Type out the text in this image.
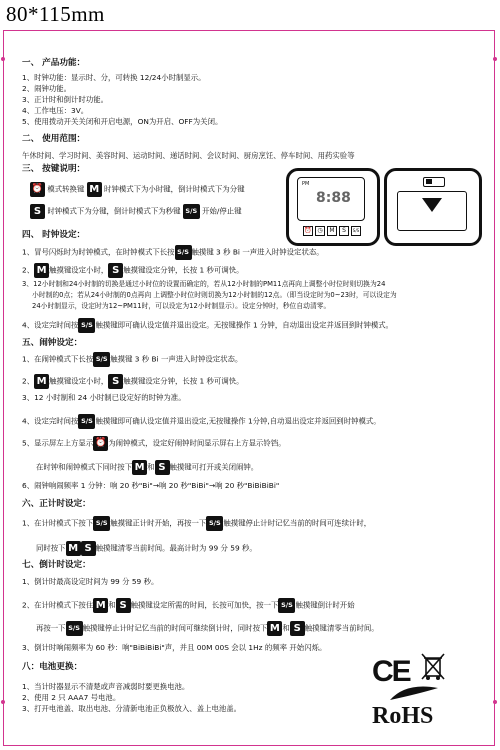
80*115mm
一、 产品功能：
1、时钟功能：显示时、分，可转换 12/24小时制显示。
2、闹钟功能。
3、正计时和倒计时功能。
4、工作电压：3V。
5、使用拨动开关关闭和开启电源，ON为开启、OFF为关闭。
二、 使用范围：
午休时间、学习时间、美容时间、运动时间、递话时间、会议时间、厨房烹饪、停车时间、用药实验等
三、 按键说明：
⏰ 模式转换键 M 时钟模式下为小时键，倒计时模式下为分键
S 时钟模式下为分键，倒计时模式下为秒键 S/S 开始/停止键
四、 时钟设定：
1、冒号闪烁时为时钟模式，在时钟模式下长按 S/S 触摸键 3 秒 Bi 一声进入时钟设定状态。
2、 M 触摸键设定小时， S 触摸键设定分钟，长按 1 秒可调快。
3、12小时制和24小时制的切换是通过小时位的设置而确定的，若从12小时制的PM11点再向上调整小时位时则切换为24
小时制的0点；若从24小时制的0点再向 上调整小时位时则切换为12小时制的12点。（即当设定时为0~23时，可以设定为
24小时制显示，设定时为12~PM11时，可以设定为12小时制显示）。设定分钟时，秒位自动清零。
4、设定完时间按 S/S 触摸键即可确认设定值并退出设定。无按键操作 1 分钟，自动退出设定并返回到时钟模式。
五、闹钟设定：
1、在闹钟模式下长按 S/S 触摸键 3 秒 Bi 一声进入时钟设定状态。
2、 M 触摸键设定小时， S 触摸键设定分钟，长按 1 秒可调快。
3、12 小时制和 24 小时制已设定好的时钟为准。
4、设定完时间按 S/S 触摸键即可确认设定值并退出设定,无按键操作 1分钟,自动退出设定并返回到时钟模式。
5、显示屏左上方显示 ⏰ 为闹钟模式，设定好闹钟时间显示屏右上方显示铃铛。
在时钟和闹钟模式下同时按下 M 和 S 触摸键可打开或关闭闹钟。
6、闹钟响闹频率 1 分钟：响 20 秒"Bi"→响 20 秒"BiBi"→响 20 秒"BiBiBiBi"
六、正计时设定：
1、在计时模式下按下 S/S 触摸键正计时开始，再按一下 S/S 触摸键停止计时记忆当前的时间可连续计时，
同时按下 M S 触摸键清零当前时间。最高计时为 99 分 59 秒。
七、倒计时设定：
1、倒计时最高设定时间为 99 分 59 秒。
2、在计时模式下按住 M 和 S 触摸键设定所需的时间，长按可加快，按一下 S/S 触摸键倒计时开始
再按一下 S/S 触摸键停止计时记忆当前的时间可继续倒计时，同时按下 M 和 S 触摸键清零当前时间。
3、倒计时响闹频率为 60 秒：响"BiBiBiBi"声，并且 00M 00S 会以 1Hz 的频率 开始闪烁。
八：电池更换：
1、当计时器显示不清楚或声音减弱时要更换电池。
2、使用 2 只 AAA7 号电池。
3、打开电池盖、取出电池、分清新电池正负极放入、盖上电池盖。
PM
8:88
⏰ ◷	M	S	S/S
CE
RoHS
